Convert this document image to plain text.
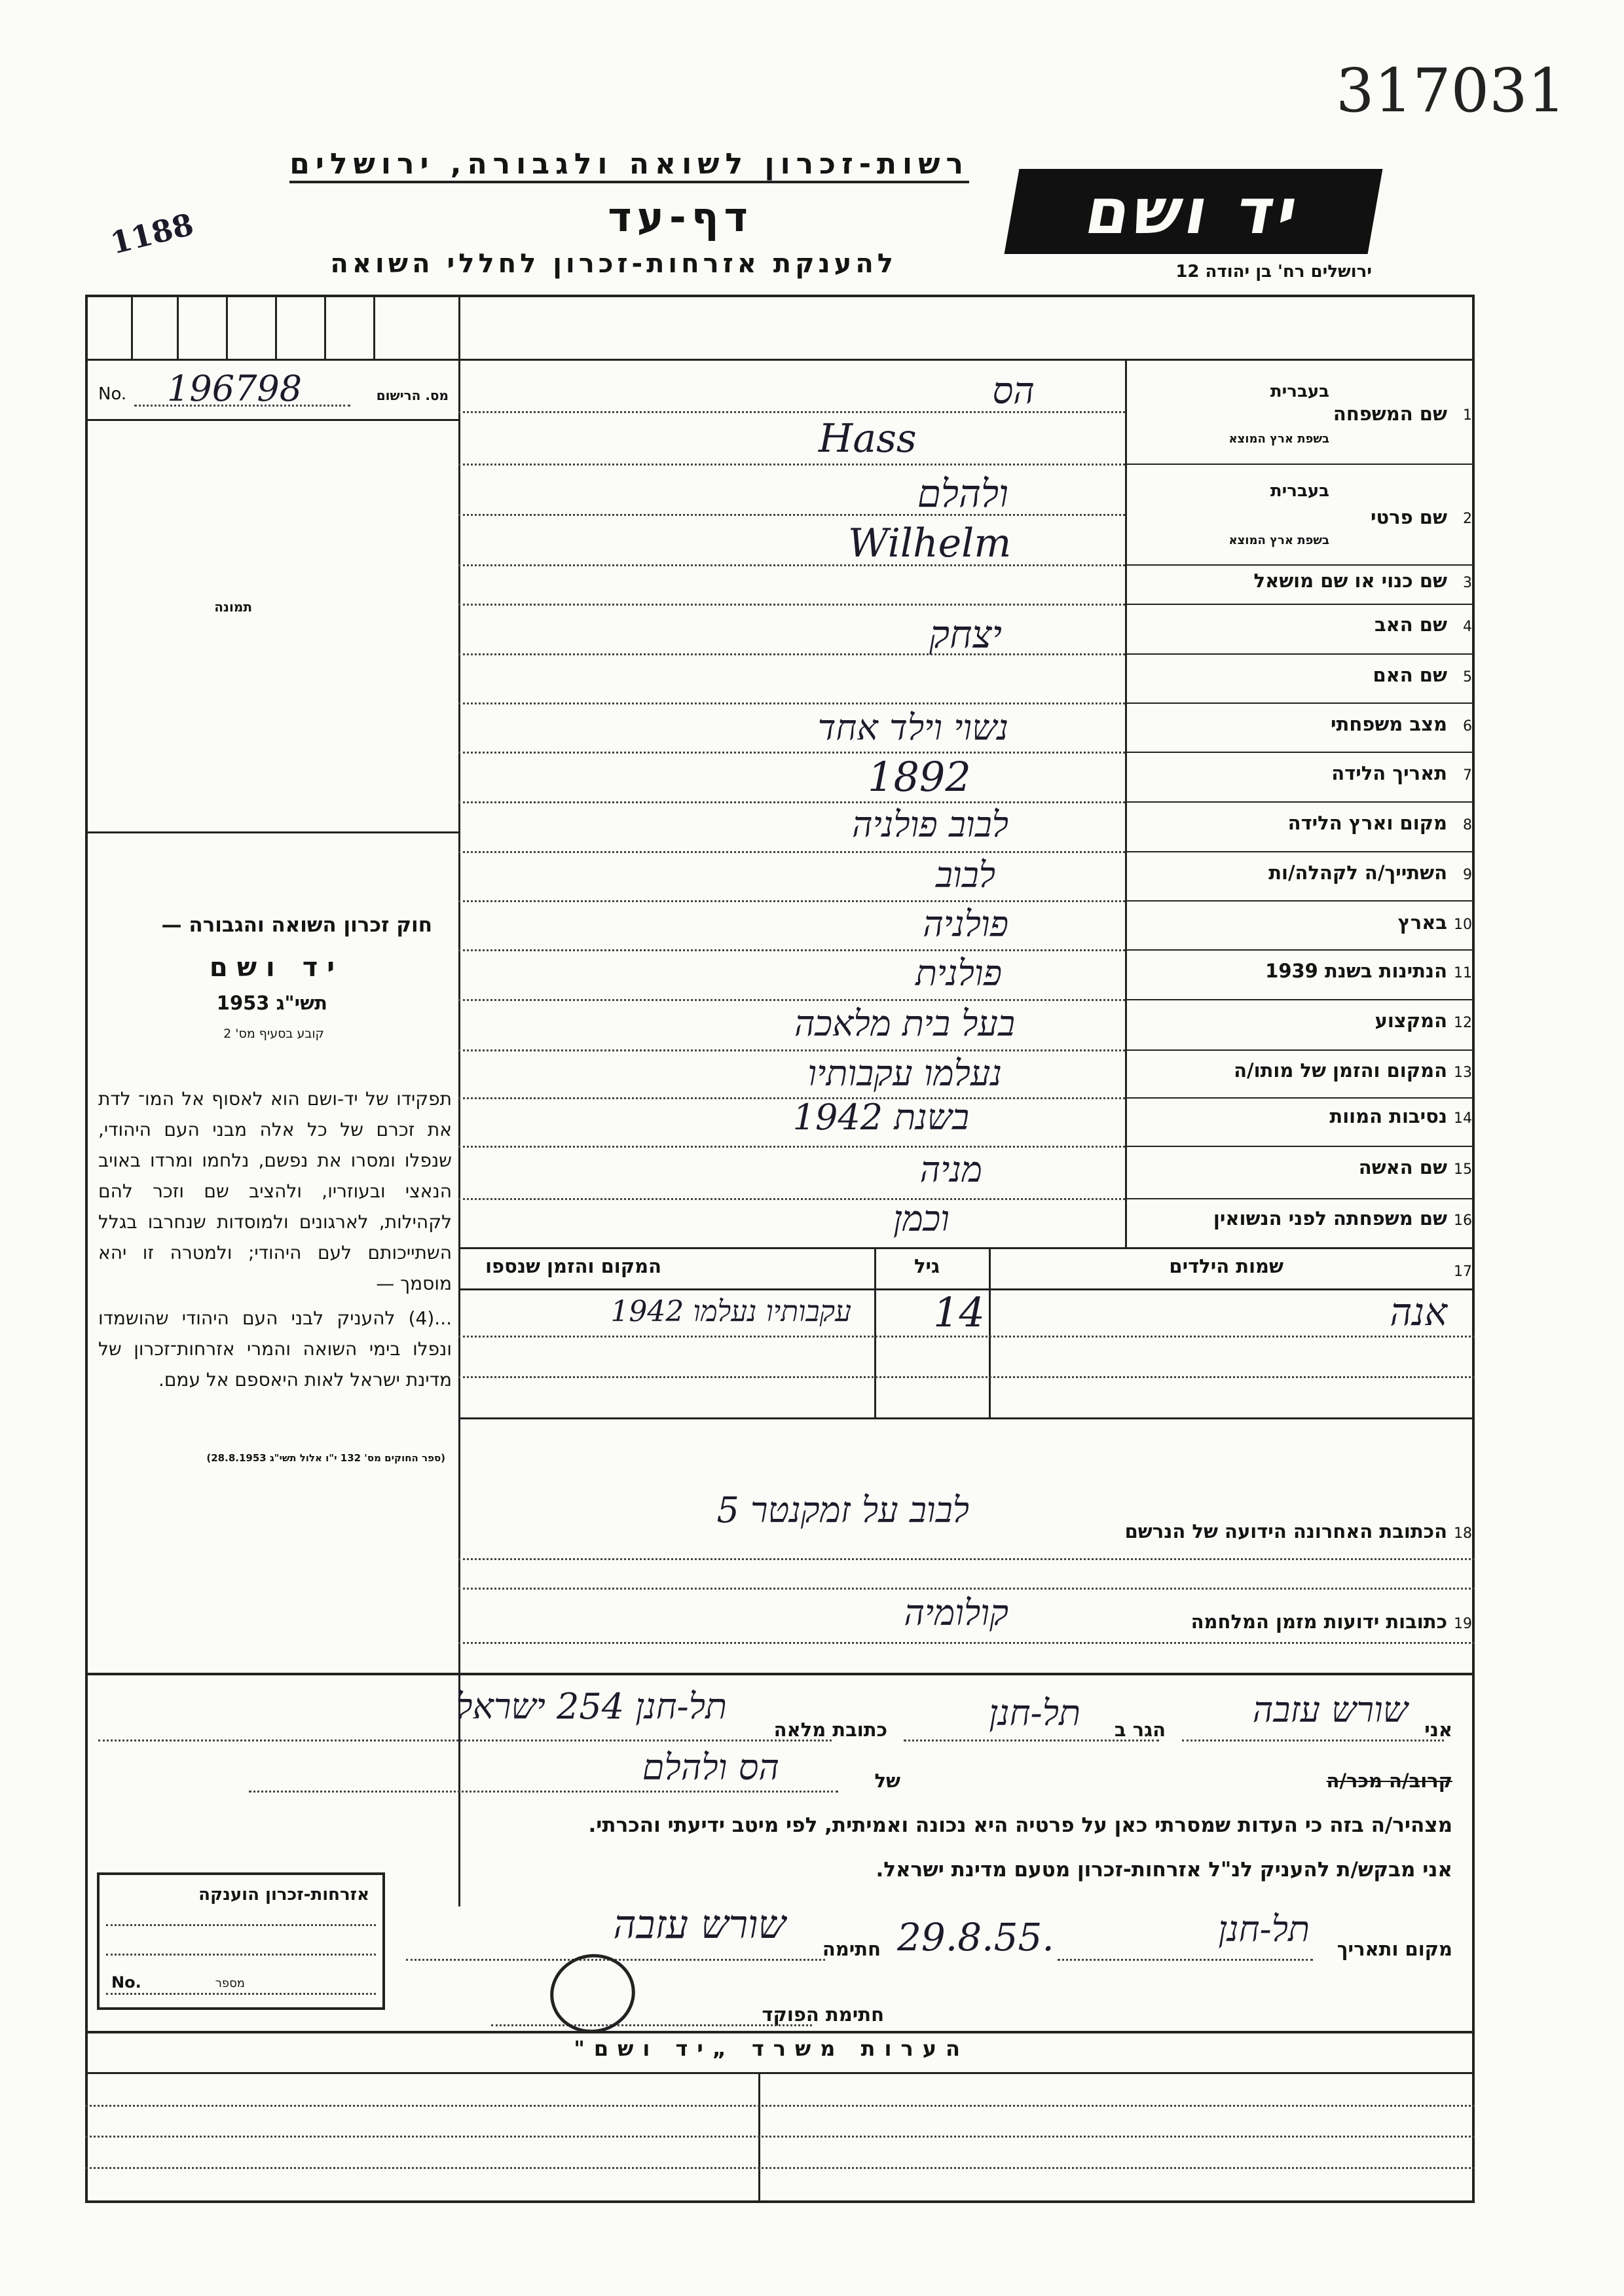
317031
1188
רשות-זכרון לשואה ולגבורה, ירושלים
דף-עד
להענקת אזרחות-זכרון לחללי השואה
יד ושם
ירושלים רח' בן יהודה 12
מס. הרישום
No. 196798
תמונה
חוק זכרון השואה והגבורה —
יד ושם
תשי"ג 1953
קובע בסעיף מס' 2
תפקידו של יד-ושם הוא לאסוף אל המו־ לדת את זכרם של כל אלה מבני העם היהודי, שנפלו ומסרו את נפשם, נלחמו ומרדו באויב הנאצי ובעוזריו, ולהציב שם וזכר להם לקהילות, לארגונים ולמוסדות שנחרבו בגלל השתייכותם לעם היהודי; ולמטרה זו יהא מוסמך —
...(4) להעניק לבני העם היהודי שהושמדו ונפלו בימי השואה והמרי אזרחות־זכרון של מדינת ישראל לאות היאספם אל עמם.
(ספר החוקים מס' 132 י"ו אלול תשי"ג 28.8.1953)
1
שם המשפחה
בעברית
בשפת ארץ המוצא
הס
Hass
2
שם פרטי
בעברית
בשפת ארץ המוצא
ולהלם
Wilhelm
3
שם כנוי או שם מושאל
4
שם האב
יצחק
5
שם האם
6
מצב משפחתי
נשוי וילד אחד
7
תאריך הלידה
1892
8
מקום וארץ הלידה
לבוב פולניה
9
השתייך/ה לקהלה/ות
לבוב
10
בארץ
פולניה
11
הנתינות בשנת 1939
פולנית
12
המקצוע
בעל בית מלאכה
13
המקום והזמן של מותו/ה
נעלמו עקבותיו
14
נסיבות המוות
בשנת 1942
15
שם האשה
מניה
16
שם משפחתה לפני הנשואין
וכמן
17
שמות הילדים
גיל
המקום והזמן שנספו
אנה
14
עקבותיו נעלמו 1942
18
הכתובת האחרונה הידועה של הנרשם
לבוב על זמקנטר 5
19
כתובות ידועות מזמן המלחמה
קולומיה
אני
שורש עזבה
הגר ב
תל-חנן
כתובת מלאה
תל-חנן 254 ישראל
קרוב/ה מכר/ה
של
הס ולהלם
מצהיר/ה בזה כי העדות שמסרתי כאן על פרטיה היא נכונה ואמיתית, לפי מיטב ידיעתי והכרתי.
אני מבקש/ת להעניק לנ"ל אזרחות-זכרון מטעם מדינת ישראל.
מקום ותאריך
תל-חנן
29.8.55.
חתימה
שורש עזבה
חתימת הפוקד
אזרחות-זכרון הוענקה
No.	מספר
הערות משרד „יד ושם"
